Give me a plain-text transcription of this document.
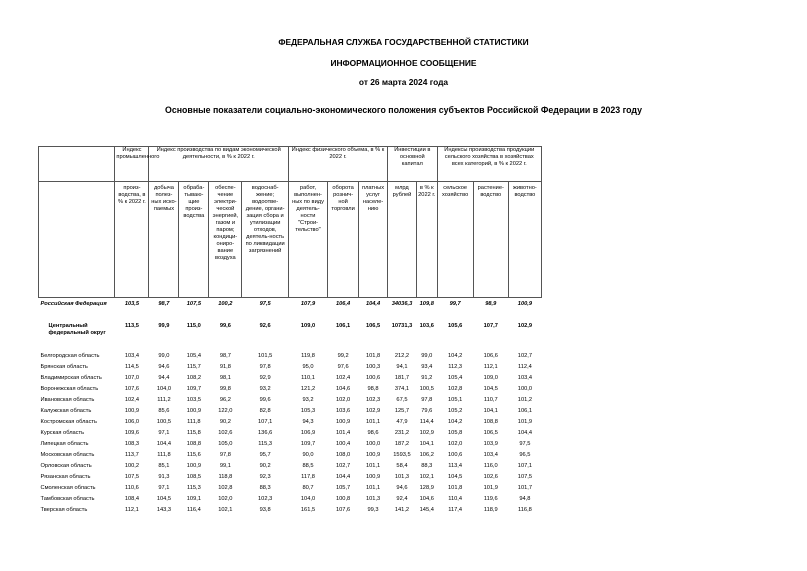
ФЕДЕРАЛЬНАЯ СЛУЖБА ГОСУДАРСТВЕННОЙ СТАТИСТИКИ
ИНФОРМАЦИОННОЕ СООБЩЕНИЕ
от 26 марта 2024 года
Основные показатели социально-экономического положения субъектов Российской Федерации в 2023 году
	Индекс промышленного	Индекс производства по видам экономической деятельности, в % к 2022 г.				Индекс физического объема, в % к 2022 г.			Инвестиции в основной капитал		Индексы производства продукции сельского хозяйства в хозяйствах всех категорий, в % к 2022 г.		
	произ-водства, в % к 2022 г.	добыча полез-ных иско-паемых	обраба-тываю-щие произ-водства	обеспе-чение электри-ческой энергией, газом и паром; кондици-ониро-вание воздуха	водоснаб-жение; водоотве-дение, органи-зация сбора и утилизации отходов, деятель-ность по ликвидации загрязнений	работ, выполнен-ных по виду деятель-ности "Строи-тельство"	оборота рознич-ной торговли	платных услуг населе-нию	млрд рублей	в % к 2022 г.	сельское хозяйство	растение-водство	животно-водство

Российская Федерация	103,5	98,7	107,5	100,2	97,5	107,9	106,4	104,4	34036,3	109,8	99,7	98,9	100,9
Центральный федеральный округ	113,5	99,9	115,0	99,6	92,6	109,0	106,1	106,5	10731,3	103,6	105,6	107,7	102,9
Белгородская область	103,4	99,0	105,4	98,7	101,5	119,8	99,2	101,8	212,2	99,0	104,2	106,6	102,7
Брянская область	114,5	94,6	115,7	91,8	97,8	95,0	97,6	100,3	94,1	93,4	112,3	112,1	112,4
Владимирская область	107,0	94,4	108,2	98,1	92,9	110,1	102,4	100,6	181,7	91,2	105,4	109,0	103,4
Воронежская область	107,6	104,0	109,7	99,8	93,2	121,2	104,6	98,8	374,1	100,5	102,8	104,5	100,0
Ивановская область	102,4	111,2	103,5	96,2	99,6	93,2	102,0	102,3	67,5	97,8	105,1	110,7	101,2
Калужская область	100,9	85,6	100,9	122,0	82,8	105,3	103,6	102,9	125,7	79,6	105,2	104,1	106,1
Костромская область	106,0	100,5	111,8	90,2	107,1	94,3	100,9	101,1	47,9	114,4	104,2	108,8	101,9
Курская область	109,6	97,1	115,8	102,6	136,6	106,9	101,4	98,6	231,2	102,9	105,8	106,5	104,4
Липецкая область	108,3	104,4	108,8	105,0	115,3	109,7	100,4	100,0	187,2	104,1	102,0	103,9	97,5
Московская область	113,7	111,8	115,6	97,8	95,7	90,0	108,0	100,9	1593,5	106,2	100,6	103,4	96,5
Орловская область	100,2	85,1	100,9	99,1	90,2	88,5	102,7	101,1	58,4	88,3	113,4	116,0	107,1
Рязанская область	107,5	91,3	108,5	118,8	92,3	117,8	104,4	100,9	101,3	102,1	104,5	102,6	107,5
Смоленская область	110,6	97,1	115,3	102,8	88,3	80,7	105,7	101,1	94,6	128,9	101,8	101,9	101,7
Тамбовская область	108,4	104,5	109,1	102,0	102,3	104,0	100,8	101,3	92,4	104,6	110,4	119,6	94,8
Тверская область	112,1	143,3	116,4	102,1	93,8	161,5	107,6	99,3	141,2	145,4	117,4	118,9	116,8
